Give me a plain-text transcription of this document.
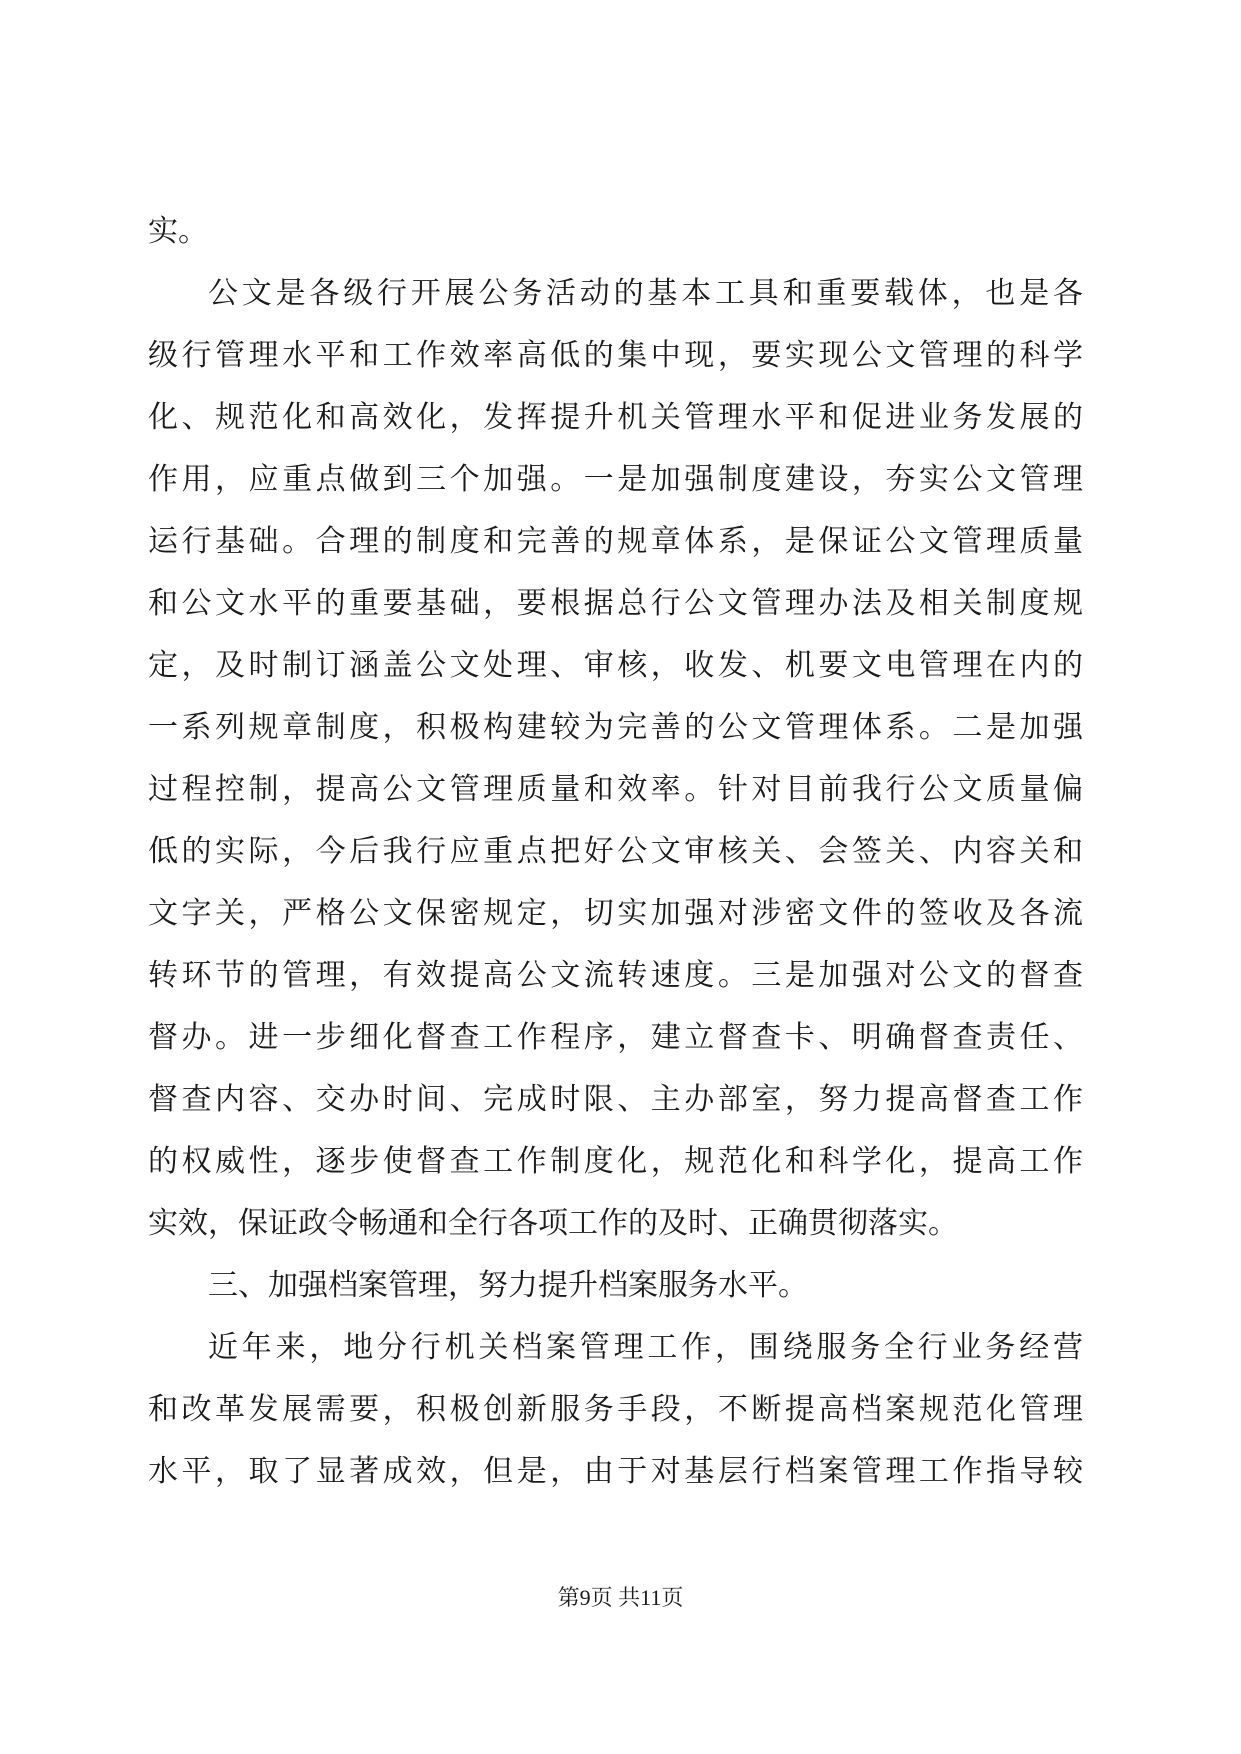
实。
公文是各级行开展公务活动的基本工具和重要载体，也是各
级行管理水平和工作效率高低的集中现，要实现公文管理的科学
化、规范化和高效化，发挥提升机关管理水平和促进业务发展的
作用，应重点做到三个加强。一是加强制度建设，夯实公文管理
运行基础。合理的制度和完善的规章体系，是保证公文管理质量
和公文水平的重要基础，要根据总行公文管理办法及相关制度规
定，及时制订涵盖公文处理、审核，收发、机要文电管理在内的
一系列规章制度，积极构建较为完善的公文管理体系。二是加强
过程控制，提高公文管理质量和效率。针对目前我行公文质量偏
低的实际，今后我行应重点把好公文审核关、会签关、内容关和
文字关，严格公文保密规定，切实加强对涉密文件的签收及各流
转环节的管理，有效提高公文流转速度。三是加强对公文的督查
督办。进一步细化督查工作程序，建立督查卡、明确督查责任、
督查内容、交办时间、完成时限、主办部室，努力提高督查工作
的权威性，逐步使督查工作制度化，规范化和科学化，提高工作
实效，保证政令畅通和全行各项工作的及时、正确贯彻落实。
三、加强档案管理，努力提升档案服务水平。
近年来，地分行机关档案管理工作，围绕服务全行业务经营
和改革发展需要，积极创新服务手段，不断提高档案规范化管理
水平，取了显著成效，但是，由于对基层行档案管理工作指导较
第9页 共11页
